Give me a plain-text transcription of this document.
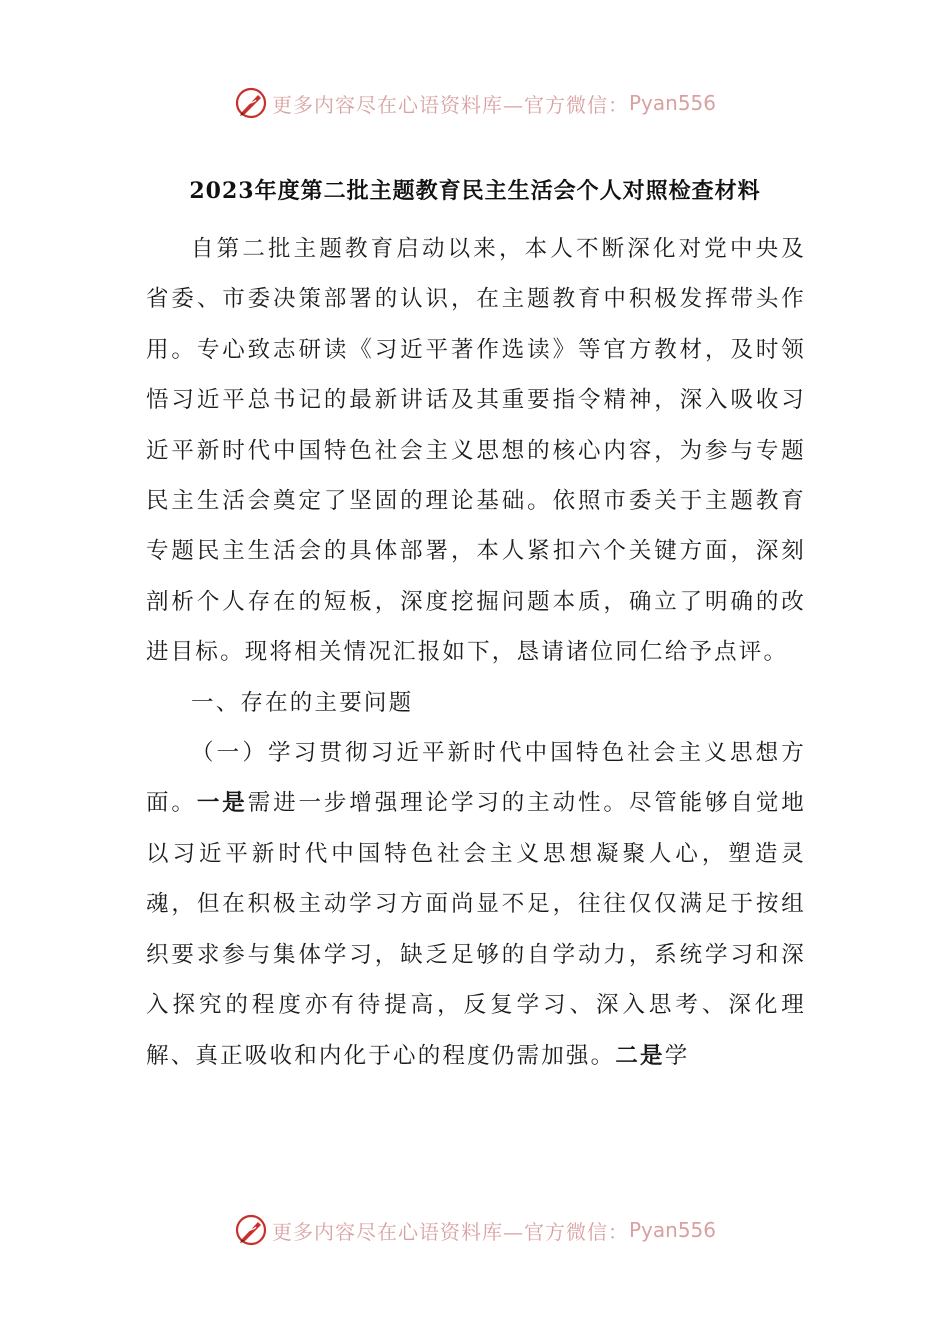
更多内容尽在心语资料库—官方微信： Pyan556
2023年度第二批主题教育民主生活会个人对照检查材料

自第二批主题教育启动以来，本人不断深化对党中央及省委、市委决策部署的认识，在主题教育中积极发挥带头作用。专心致志研读《习近平著作选读》等官方教材，及时领悟习近平总书记的最新讲话及其重要指令精神，深入吸收习近平新时代中国特色社会主义思想的核心内容，为参与专题民主生活会奠定了坚固的理论基础。依照市委关于主题教育专题民主生活会的具体部署，本人紧扣六个关键方面，深刻剖析个人存在的短板，深度挖掘问题本质，确立了明确的改进目标。现将相关情况汇报如下，恳请诸位同仁给予点评。

一、存在的主要问题

（一）学习贯彻习近平新时代中国特色社会主义思想方面。一是需进一步增强理论学习的主动性。尽管能够自觉地以习近平新时代中国特色社会主义思想凝聚人心，塑造灵魂，但在积极主动学习方面尚显不足，往往仅仅满足于按组织要求参与集体学习，缺乏足够的自学动力，系统学习和深入探究的程度亦有待提高，反复学习、深入思考、深化理解、真正吸收和内化于心的程度仍需加强。二是学

更多内容尽在心语资料库—官方微信： Pyan556
